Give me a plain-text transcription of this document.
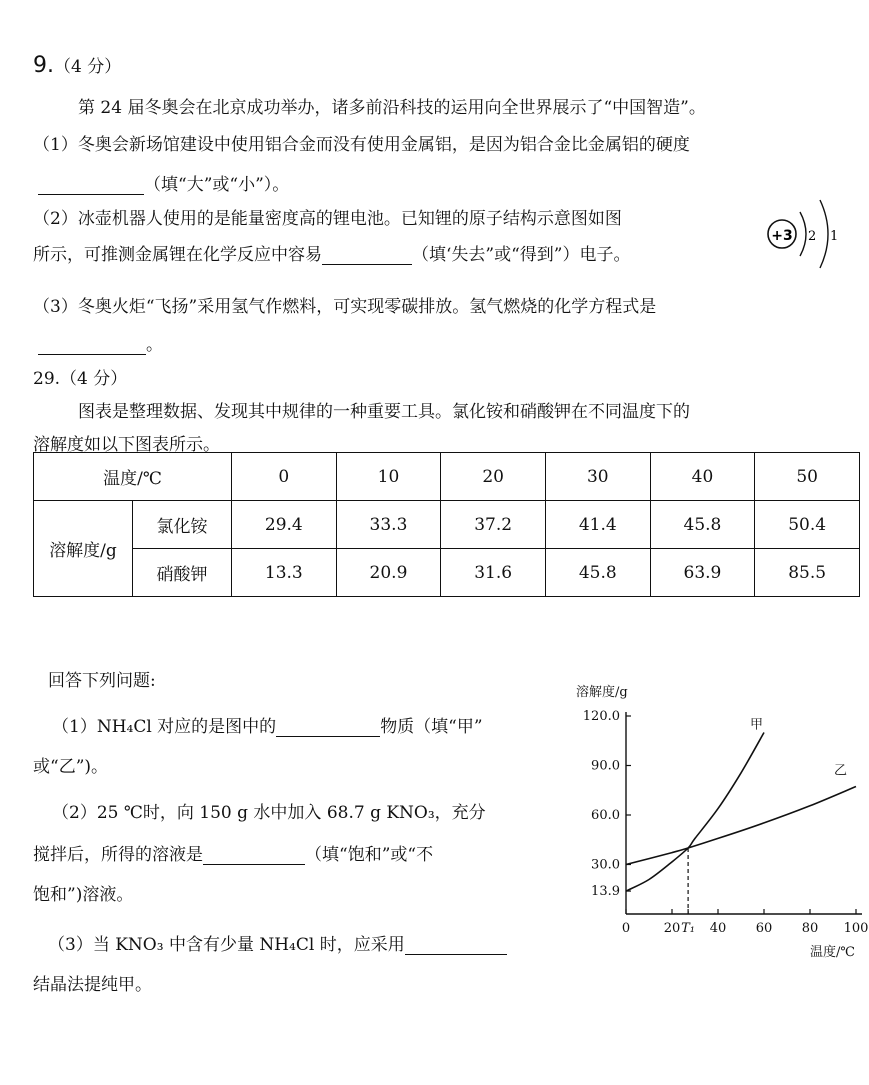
9.（4 分）
第 24 届冬奥会在北京成功举办，诸多前沿科技的运用向全世界展示了“中国智造”。
（1）冬奥会新场馆建设中使用铝合金而没有使用金属铝，是因为铝合金比金属铝的硬度
（填“大”或“小”）。
（2）冰壶机器人使用的是能量密度高的锂电池。已知锂的原子结构示意图如图
所示，可推测金属锂在化学反应中容易	（填‘失去”或“得到”）电子。
+3 2 1
（3）冬奥火炬“飞扬”采用氢气作燃料，可实现零碳排放。氢气燃烧的化学方程式是
。
29.（4 分）
图表是整理数据、发现其中规律的一种重要工具。氯化铵和硝酸钾在不同温度下的
溶解度如以下图表所示。
温度/℃		0	10	20	30	40	50
溶解度/g	氯化铵	29.4	33.3	37.2	41.4	45.8	50.4
	硝酸钾	13.3	20.9	31.6	45.8	63.9	85.5
回答下列问题:
（1）NH₄Cl 对应的是图中的	物质（填“甲”
或“乙”)。
（2）25 ℃时，向 150 g 水中加入 68.7 g KNO₃，充分
搅拌后，所得的溶液是	（填“饱和”或“不
饱和”)溶液。
（3）当 KNO₃ 中含有少量 NH₄Cl 时，应采用
结晶法提纯甲。
溶解度/g
温度/℃
13.9
30.0
60.0
90.0
120.0
0	20 T₁ 40 60 80 100
甲
乙
